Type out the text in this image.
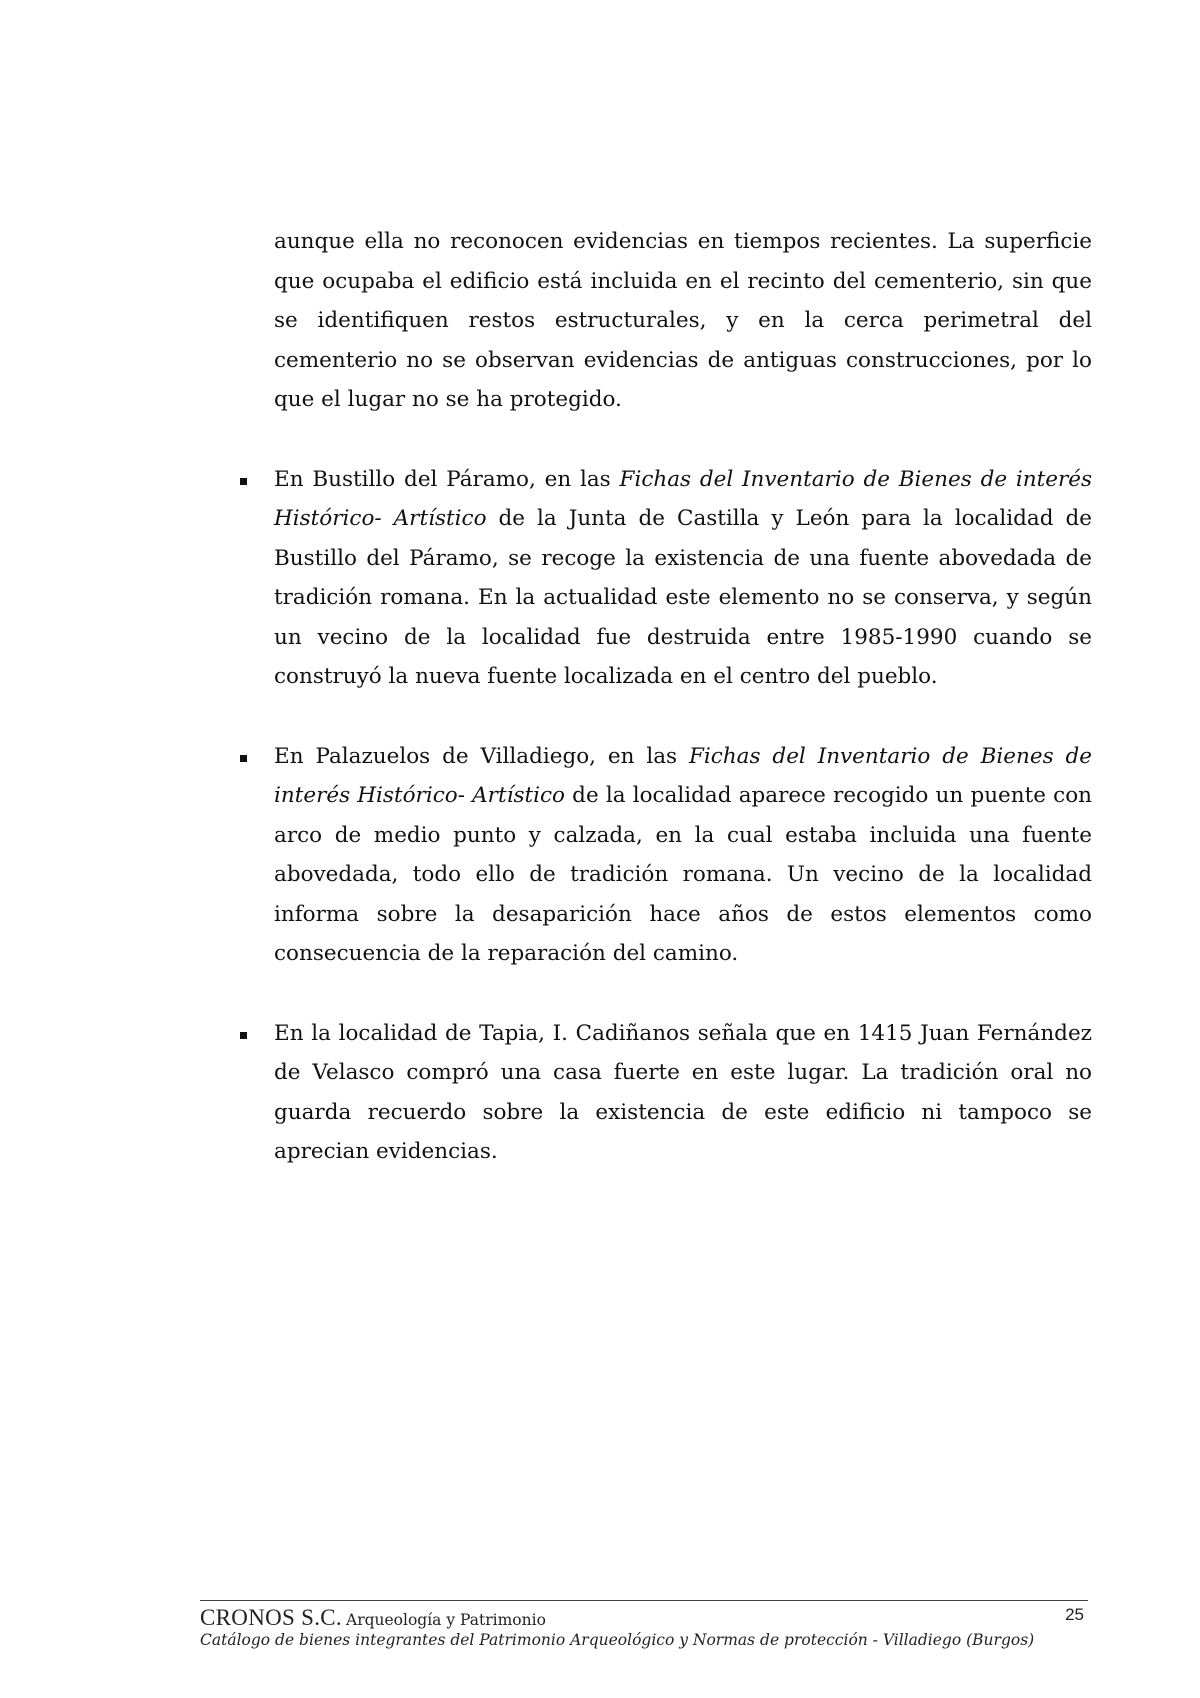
aunque ella no reconocen evidencias en tiempos recientes. La superficie que ocupaba el edificio está incluida en el recinto del cementerio, sin que se identifiquen restos estructurales, y en la cerca perimetral del cementerio no se observan evidencias de antiguas construcciones, por lo que el lugar no se ha protegido.

En Bustillo del Páramo, en las Fichas del Inventario de Bienes de interés Histórico- Artístico de la Junta de Castilla y León para la localidad de Bustillo del Páramo, se recoge la existencia de una fuente abovedada de tradición romana. En la actualidad este elemento no se conserva, y según un vecino de la localidad fue destruida entre 1985-1990 cuando se construyó la nueva fuente localizada en el centro del pueblo.

En Palazuelos de Villadiego, en las Fichas del Inventario de Bienes de interés Histórico- Artístico de la localidad aparece recogido un puente con arco de medio punto y calzada, en la cual estaba incluida una fuente abovedada, todo ello de tradición romana. Un vecino de la localidad informa sobre la desaparición hace años de estos elementos como consecuencia de la reparación del camino.

En la localidad de Tapia, I. Cadiñanos señala que en 1415 Juan Fernández de Velasco compró una casa fuerte en este lugar. La tradición oral no guarda recuerdo sobre la existencia de este edificio ni tampoco se aprecian evidencias.

CRONOS S.C. Arqueología y Patrimonio	25
Catálogo de bienes integrantes del Patrimonio Arqueológico y Normas de protección - Villadiego (Burgos)
